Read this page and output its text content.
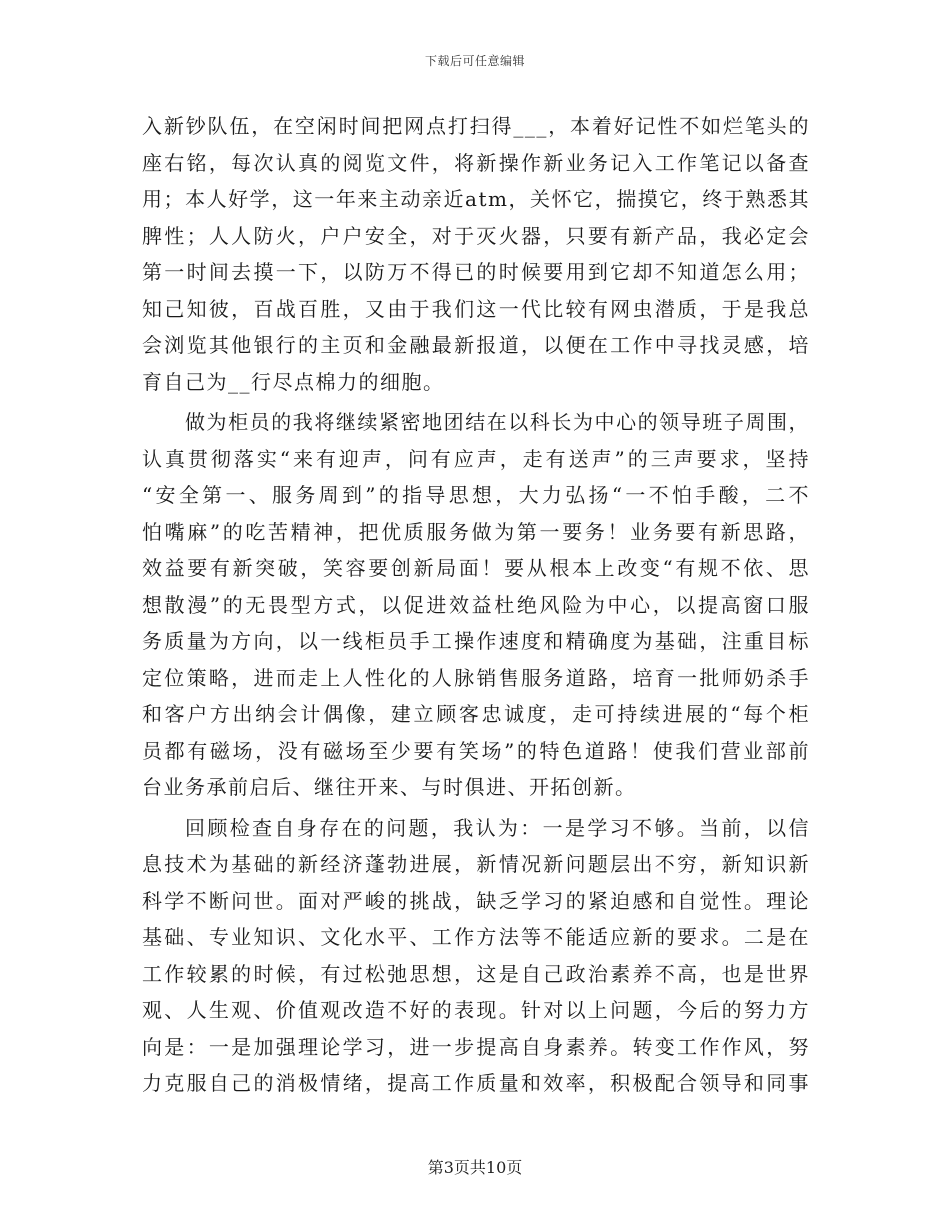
下载后可任意编辑
入新钞队伍，在空闲时间把网点打扫得___，本着好记性不如烂笔头的
座右铭，每次认真的阅览文件，将新操作新业务记入工作笔记以备查
用；本人好学，这一年来主动亲近atm，关怀它，揣摸它，终于熟悉其
脾性；人人防火，户户安全，对于灭火器，只要有新产品，我必定会
第一时间去摸一下，以防万不得已的时候要用到它却不知道怎么用；
知己知彼，百战百胜，又由于我们这一代比较有网虫潜质，于是我总
会浏览其他银行的主页和金融最新报道，以便在工作中寻找灵感，培
育自己为__行尽点棉力的细胞。
做为柜员的我将继续紧密地团结在以科长为中心的领导班子周围，
认真贯彻落实“来有迎声，问有应声，走有送声”的三声要求，坚持
“安全第一、服务周到”的指导思想，大力弘扬“一不怕手酸，二不
怕嘴麻”的吃苦精神，把优质服务做为第一要务！业务要有新思路，
效益要有新突破，笑容要创新局面！要从根本上改变“有规不依、思
想散漫”的无畏型方式，以促进效益杜绝风险为中心，以提高窗口服
务质量为方向，以一线柜员手工操作速度和精确度为基础，注重目标
定位策略，进而走上人性化的人脉销售服务道路，培育一批师奶杀手
和客户方出纳会计偶像，建立顾客忠诚度，走可持续进展的“每个柜
员都有磁场，没有磁场至少要有笑场”的特色道路！使我们营业部前
台业务承前启后、继往开来、与时俱进、开拓创新。
回顾检查自身存在的问题，我认为：一是学习不够。当前，以信
息技术为基础的新经济蓬勃进展，新情况新问题层出不穷，新知识新
科学不断问世。面对严峻的挑战，缺乏学习的紧迫感和自觉性。理论
基础、专业知识、文化水平、工作方法等不能适应新的要求。二是在
工作较累的时候，有过松弛思想，这是自己政治素养不高，也是世界
观、人生观、价值观改造不好的表现。针对以上问题，今后的努力方
向是：一是加强理论学习，进一步提高自身素养。转变工作作风，努
力克服自己的消极情绪，提高工作质量和效率，积极配合领导和同事
第3页共10页
